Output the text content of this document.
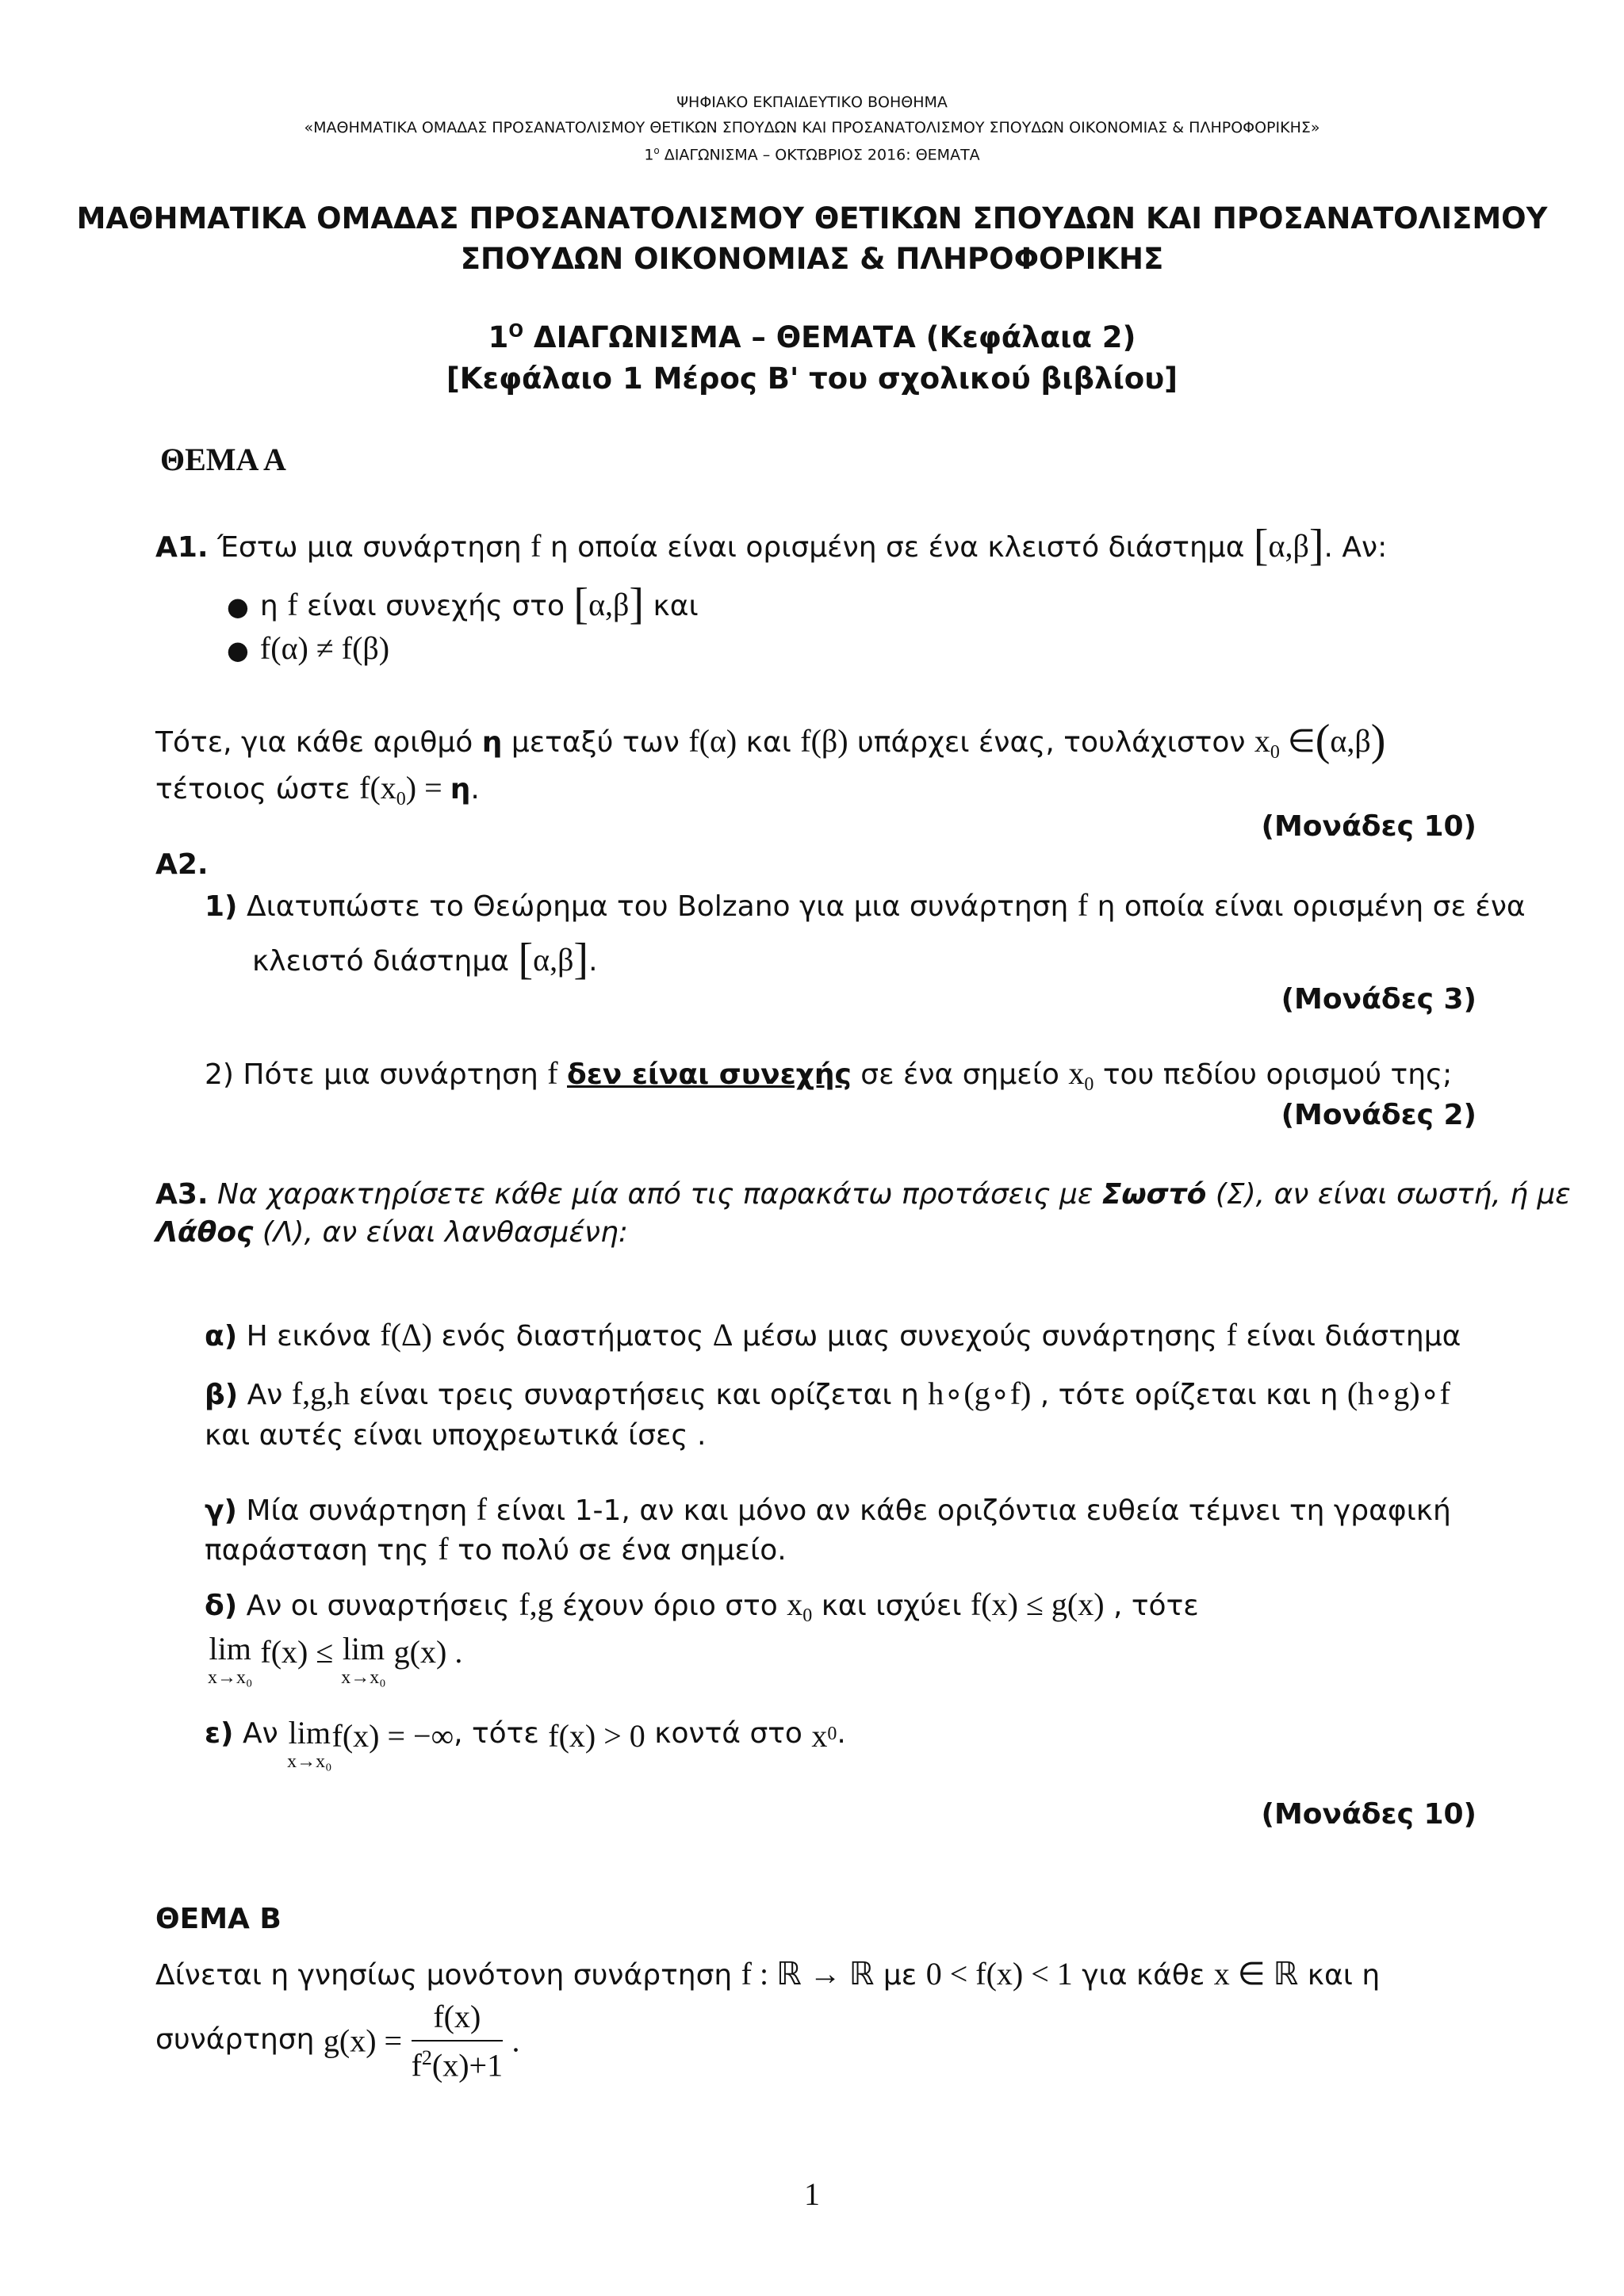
ΨΗΦΙΑΚΟ ΕΚΠΑΙΔΕΥΤΙΚΟ ΒΟΗΘΗΜΑ
«ΜΑΘΗΜΑΤΙΚΑ ΟΜΑΔΑΣ ΠΡΟΣΑΝΑΤΟΛΙΣΜΟΥ ΘΕΤΙΚΩΝ ΣΠΟΥΔΩΝ ΚΑΙ ΠΡΟΣΑΝΑΤΟΛΙΣΜΟΥ ΣΠΟΥΔΩΝ ΟΙΚΟΝΟΜΙΑΣ & ΠΛΗΡΟΦΟΡΙΚΗΣ»
$1^o$ ΔΙΑΓΩΝΙΣΜΑ – ΟΚΤΩΒΡΙΟΣ 2016: ΘΕΜΑΤΑ
ΜΑΘΗΜΑΤΙΚΑ ΟΜΑΔΑΣ ΠΡΟΣΑΝΑΤΟΛΙΣΜΟΥ ΘΕΤΙΚΩΝ ΣΠΟΥΔΩΝ ΚΑΙ ΠΡΟΣΑΝΑΤΟΛΙΣΜΟΥ
ΣΠΟΥΔΩΝ ΟΙΚΟΝΟΜΙΑΣ & ΠΛΗΡΟΦΟΡΙΚΗΣ
$1^O$ ΔΙΑΓΩΝΙΣΜΑ – ΘΕΜΑΤΑ (Κεφάλαια 2)
[Κεφάλαιο 1 Μέρος Β' του σχολικού βιβλίου]
ΘΕΜΑ Α
Α1. Έστω μια συνάρτηση f η οποία είναι ορισμένη σε ένα κλειστό διάστημα [α,β]. Αν:
● η f είναι συνεχής στο [α,β] και
● f(α) ≠ f(β)
Τότε, για κάθε αριθμό η μεταξύ των f(α) και f(β) υπάρχει ένας, τουλάχιστον $x_0$ ∈(α,β)
τέτοιος ώστε $f(x_0) = \eta$.
(Μονάδες 10)
Α2.
1) Διατυπώστε το Θεώρημα του Bolzano για μια συνάρτηση f η οποία είναι ορισμένη σε ένα
κλειστό διάστημα [α,β].
(Μονάδες 3)
2) Πότε μια συνάρτηση f δεν είναι συνεχής σε ένα σημείο $x_0$ του πεδίου ορισμού της;
(Μονάδες 2)
Α3. Να χαρακτηρίσετε κάθε μία από τις παρακάτω προτάσεις με Σωστό (Σ), αν είναι σωστή, ή με
Λάθος (Λ), αν είναι λανθασμένη:
α) Η εικόνα f(Δ) ενός διαστήματος Δ μέσω μιας συνεχούς συνάρτησης f είναι διάστημα
β) Αν f,g,h είναι τρεις συναρτήσεις και ορίζεται η h∘(g∘f) , τότε ορίζεται και η (h∘g)∘f
και αυτές είναι υποχρεωτικά ίσες .
γ) Μία συνάρτηση f είναι 1-1, αν και μόνο αν κάθε οριζόντια ευθεία τέμνει τη γραφική
παράσταση της f το πολύ σε ένα σημείο.
δ) Αν οι συναρτήσεις f,g έχουν όριο στο $x_0$ και ισχύει f(x) ≤ g(x) , τότε
lim
x→x₀
f(x) ≤ lim
x→x₀
g(x) .
ε) Αν lim
x→x₀
f(x) = −∞, τότε f(x) > 0 κοντά στο $x^0$.
(Μονάδες 10)
ΘΕΜΑ Β
Δίνεται η γνησίως μονότονη συνάρτηση f : ℝ → ℝ με 0 < f(x) < 1 για κάθε x ∈ ℝ και η
συνάρτηση $g(x) = \frac{f(x)}{f^2(x)+1}$ .
1
